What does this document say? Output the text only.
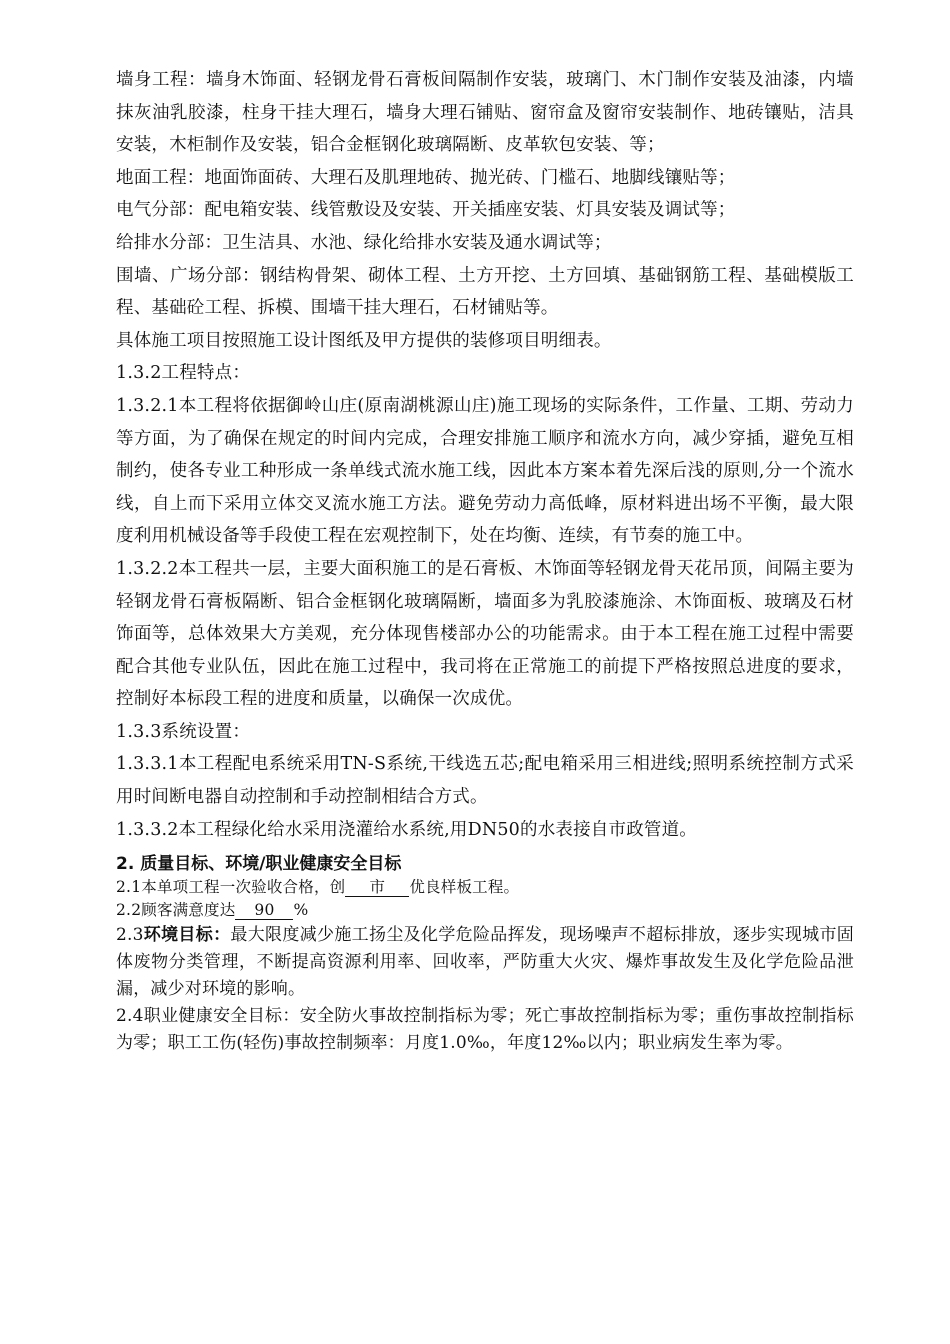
墙身工程：墙身木饰面、轻钢龙骨石膏板间隔制作安装，玻璃门、木门制作安装及油漆，内墙抹灰油乳胶漆，柱身干挂大理石，墙身大理石铺贴、窗帘盒及窗帘安装制作、地砖镶贴，洁具安装，木柜制作及安装，铝合金框钢化玻璃隔断、皮革软包安装、等；

地面工程：地面饰面砖、大理石及肌理地砖、抛光砖、门槛石、地脚线镶贴等；

电气分部：配电箱安装、线管敷设及安装、开关插座安装、灯具安装及调试等；

给排水分部：卫生洁具、水池、绿化给排水安装及通水调试等；

围墙、广场分部：钢结构骨架、砌体工程、土方开挖、土方回填、基础钢筋工程、基础模版工程、基础砼工程、拆模、围墙干挂大理石，石材铺贴等。

具体施工项目按照施工设计图纸及甲方提供的装修项目明细表。

1.3.2工程特点：

1.3.2.1本工程将依据御岭山庄(原南湖桃源山庄)施工现场的实际条件，工作量、工期、劳动力等方面，为了确保在规定的时间内完成，合理安排施工顺序和流水方向，减少穿插，避免互相制约，使各专业工种形成一条单线式流水施工线，因此本方案本着先深后浅的原则,分一个流水线，自上而下采用立体交叉流水施工方法。避免劳动力高低峰，原材料进出场不平衡，最大限度利用机械设备等手段使工程在宏观控制下，处在均衡、连续，有节奏的施工中。

1.3.2.2本工程共一层，主要大面积施工的是石膏板、木饰面等轻钢龙骨天花吊顶，间隔主要为轻钢龙骨石膏板隔断、铝合金框钢化玻璃隔断，墙面多为乳胶漆施涂、木饰面板、玻璃及石材饰面等，总体效果大方美观，充分体现售楼部办公的功能需求。由于本工程在施工过程中需要配合其他专业队伍，因此在施工过程中，我司将在正常施工的前提下严格按照总进度的要求，控制好本标段工程的进度和质量，以确保一次成优。

1.3.3系统设置：

1.3.3.1本工程配电系统采用TN-S系统,干线选五芯;配电箱采用三相进线;照明系统控制方式采用时间断电器自动控制和手动控制相结合方式。

1.3.3.2本工程绿化给水采用浇灌给水系统,用DN50的水表接自市政管道。

2. 质量目标、环境/职业健康安全目标

2.1本单项工程一次验收合格，创 市 优良样板工程。

2.2顾客满意度达 90 %

2.3环境目标：最大限度减少施工扬尘及化学危险品挥发，现场噪声不超标排放，逐步实现城市固体废物分类管理，不断提高资源利用率、回收率，严防重大火灾、爆炸事故发生及化学危险品泄漏，减少对环境的影响。

2.4职业健康安全目标：安全防火事故控制指标为零；死亡事故控制指标为零；重伤事故控制指标为零；职工工伤(轻伤)事故控制频率：月度1.0‰，年度12‰以内；职业病发生率为零。
